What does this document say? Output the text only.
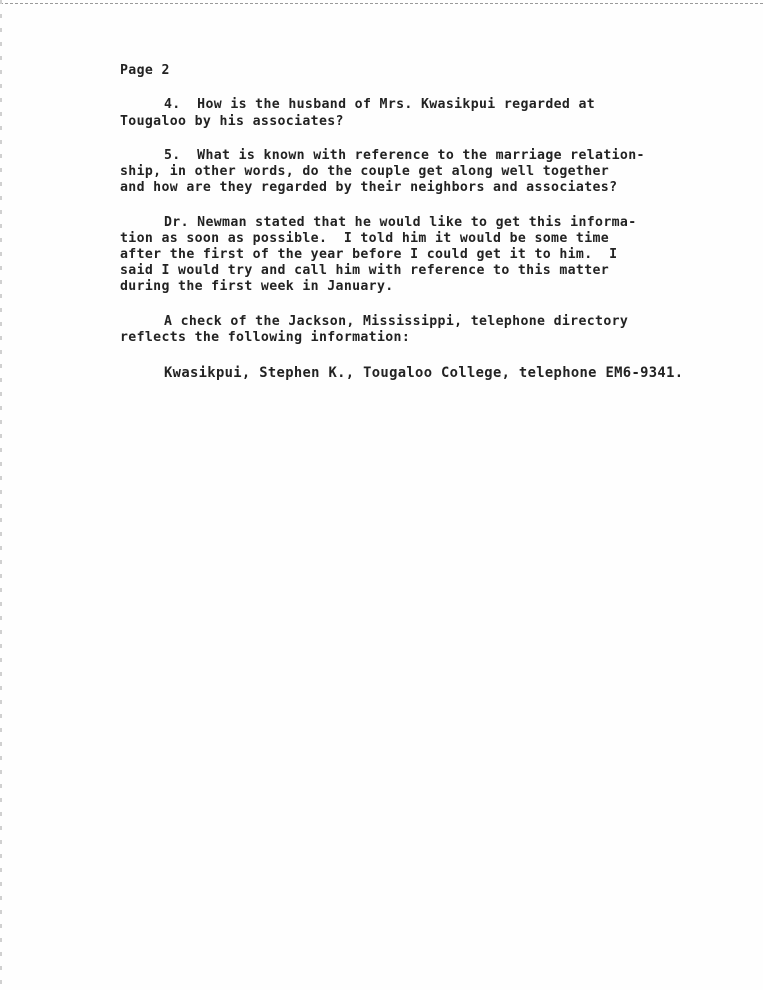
Page 2
4.  How is the husband of Mrs. Kwasikpui regarded at
Tougaloo by his associates?
5.  What is known with reference to the marriage relation-
ship, in other words, do the couple get along well together
and how are they regarded by their neighbors and associates?
Dr. Newman stated that he would like to get this informa-
tion as soon as possible.  I told him it would be some time
after the first of the year before I could get it to him.  I
said I would try and call him with reference to this matter
during the first week in January.
A check of the Jackson, Mississippi, telephone directory
reflects the following information:
Kwasikpui, Stephen K., Tougaloo College, telephone EM6-9341.
